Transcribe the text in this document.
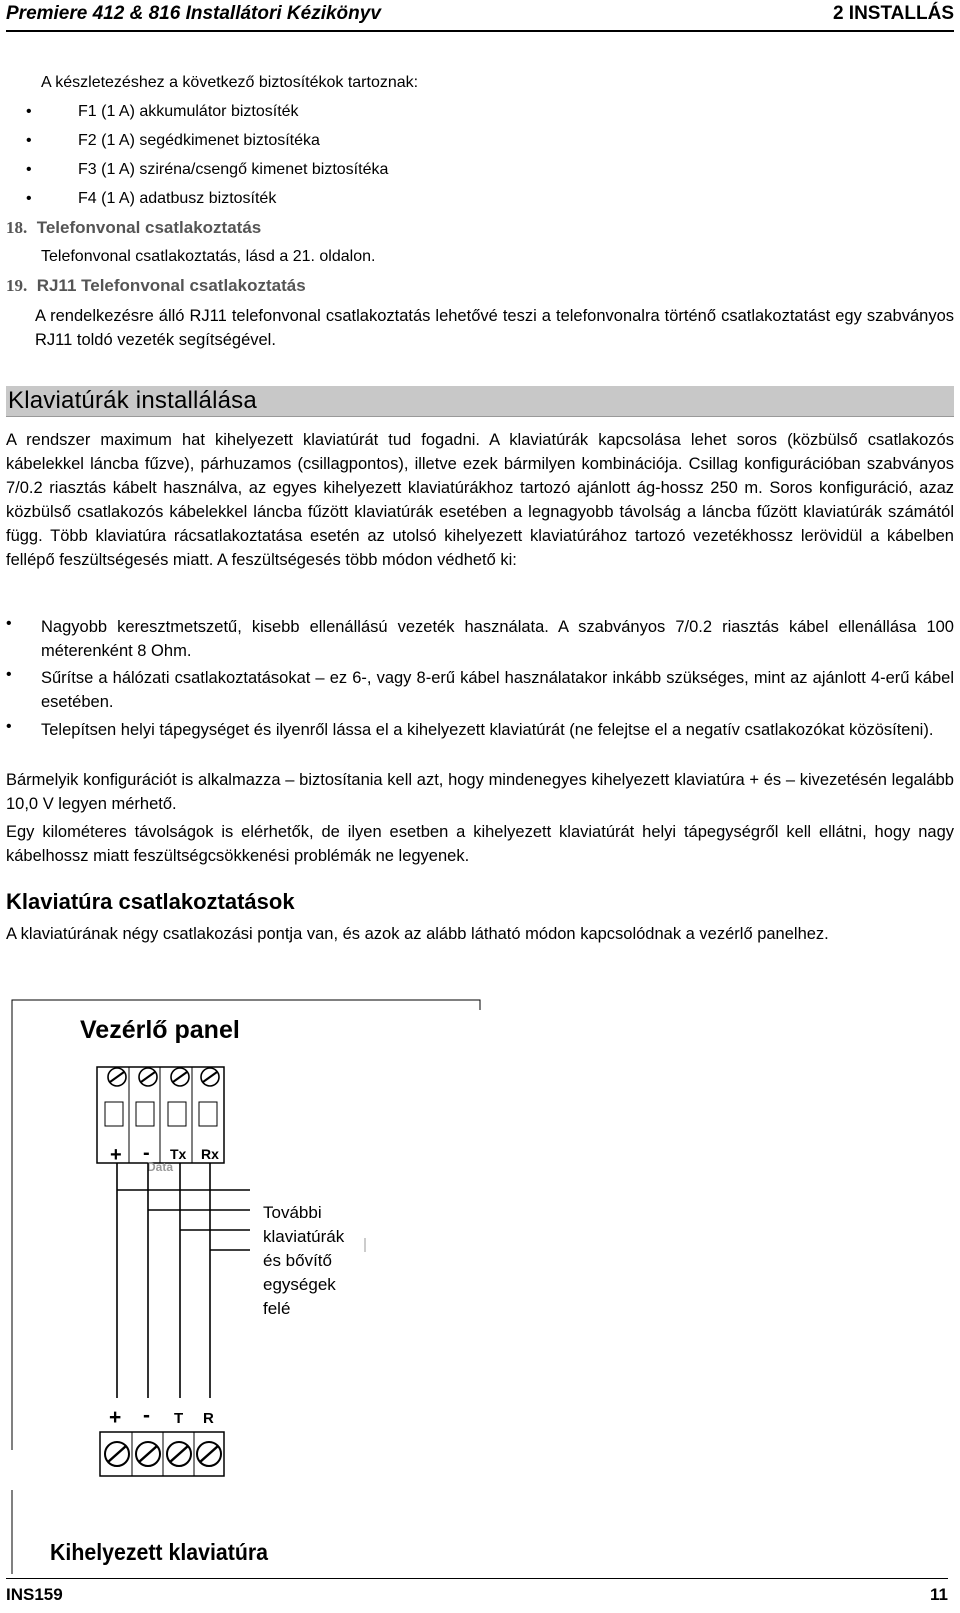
Premiere 412 & 816 Installátori Kézikönyv	2 INSTALLÁS
A készletezéshez a következő biztosítékok tartoznak:
•	F1 (1 A) akkumulátor biztosíték
•	F2 (1 A) segédkimenet biztosítéka
•	F3 (1 A) sziréna/csengő kimenet biztosítéka
•	F4 (1 A) adatbusz biztosíték
18. Telefonvonal csatlakoztatás
Telefonvonal csatlakoztatás, lásd a 21. oldalon.
19. RJ11 Telefonvonal csatlakoztatás
A rendelkezésre álló RJ11 telefonvonal csatlakoztatás lehetővé teszi a telefonvonalra történő csatlakoztatást egy szabványos RJ11 toldó vezeték segítségével.
Klaviatúrák installálása
A rendszer maximum hat kihelyezett klaviatúrát tud fogadni. A klaviatúrák kapcsolása lehet soros (közbülső csatlakozós kábelekkel láncba fűzve), párhuzamos (csillagpontos), illetve ezek bármilyen kombinációja. Csillag konfigurációban szabványos 7/0.2 riasztás kábelt használva, az egyes kihelyezett klaviatúrákhoz tartozó ajánlott ág-hossz 250 m. Soros konfiguráció, azaz közbülső csatlakozós kábelekkel láncba fűzött klaviatúrák esetében a legnagyobb távolság a láncba fűzött klaviatúrák számától függ. Több klaviatúra rácsatlakoztatása esetén az utolsó kihelyezett klaviatúrához tartozó vezetékhossz lerövidül a kábelben fellépő feszültségesés miatt. A feszültségesés több módon védhető ki:
• Nagyobb keresztmetszetű, kisebb ellenállású vezeték használata. A szabványos 7/0.2 riasztás kábel ellenállása 100 méterenként 8 Ohm.
• Sűrítse a hálózati csatlakoztatásokat – ez 6-, vagy 8-erű kábel használatakor inkább szükséges, mint az ajánlott 4-erű kábel esetében.
• Telepítsen helyi tápegységet és ilyenről lássa el a kihelyezett klaviatúrát (ne felejtse el a negatív csatlakozókat közösíteni).
Bármelyik konfigurációt is alkalmazza – biztosítania kell azt, hogy mindenegyes kihelyezett klaviatúra + és – kivezetésén legalább 10,0 V legyen mérhető.
Egy kilométeres távolságok is elérhetők, de ilyen esetben a kihelyezett klaviatúrát helyi tápegységről kell ellátni, hogy nagy kábelhossz miatt feszültségcsökkenési problémák ne legyenek.
Klaviatúra csatlakoztatások
A klaviatúrának négy csatlakozási pontja van, és azok az alább látható módon kapcsolódnak a vezérlő panelhez.
Vezérlő panel
+ - Tx Rx
Data
További
klaviatúrák
és bővítő
egységek
felé
+ - T R
Kihelyezett klaviatúra
INS159	11
